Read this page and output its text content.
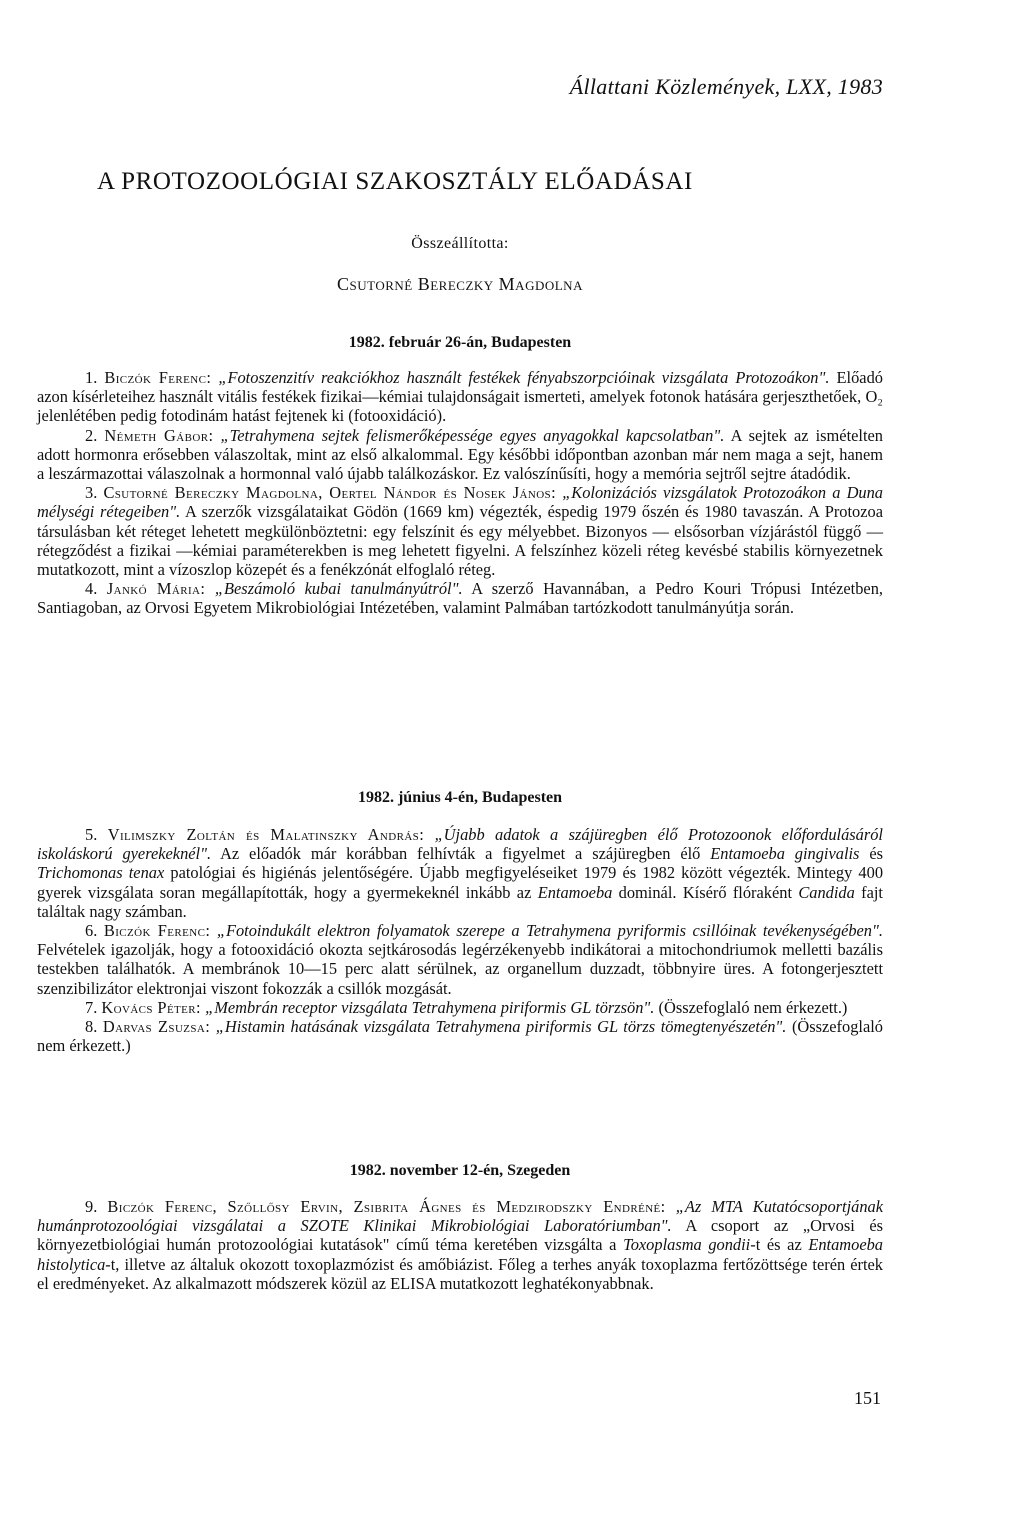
Állattani Közlemények, LXX, 1983
A PROTOZOOLÓGIAI SZAKOSZTÁLY ELŐADÁSAI
Összeállította:
Csutorné Bereczky Magdolna
1982. február 26-án, Budapesten

1. Biczók Ferenc: „Fotoszenzitív reakciókhoz használt festékek fényabszorpcióinak vizsgálata Protozoákon". Előadó azon kísérleteihez használt vitális festékek fizikai—kémiai tulajdonságait ismerteti, amelyek fotonok hatására gerjeszthetőek, O₂ jelenlétében pedig fotodinám hatást fejtenek ki (fotooxidáció).

2. Németh Gábor: „Tetrahymena sejtek felismerőképessége egyes anyagokkal kapcsolatban". A sejtek az ismételten adott hormonra erősebben válaszoltak, mint az első alkalommal. Egy későbbi időpontban azonban már nem maga a sejt, hanem a leszármazottai válaszolnak a hormonnal való újabb találkozáskor. Ez valószínűsíti, hogy a memória sejtről sejtre átadódik.

3. Csutorné Bereczky Magdolna, Oertel Nándor és Nosek János: „Kolonizációs vizsgálatok Protozoákon a Duna mélységi rétegeiben". A szerzők vizsgálataikat Gödön (1669 km) végezték, éspedig 1979 őszén és 1980 tavaszán. A Protozoa társulásban két réteget lehetett megkülönböztetni: egy felszínit és egy mélyebbet. Bizonyos — elsősorban vízjárástól függő — rétegződést a fizikai —kémiai paraméterekben is meg lehetett figyelni. A felszínhez közeli réteg kevésbé stabilis környezetnek mutatkozott, mint a vízoszlop közepét és a fenékzónát elfoglaló réteg.

4. Jankó Mária: „Beszámoló kubai tanulmányútról". A szerző Havannában, a Pedro Kouri Trópusi Intézetben, Santiagoban, az Orvosi Egyetem Mikrobiológiai Intézetében, valamint Palmában tartózkodott tanulmányútja során.

1982. június 4-én, Budapesten

5. Vilimszky Zoltán és Malatinszky András: „Újabb adatok a szájüregben élő Protozoonok előfordulásáról iskoláskorú gyerekeknél". Az előadók már korábban felhívták a figyelmet a szájüregben élő Entamoeba gingivalis és Trichomonas tenax patológiai és higiénás jelentőségére. Újabb megfigyeléseiket 1979 és 1982 között végezték. Mintegy 400 gyerek vizsgálata soran megállapították, hogy a gyermekeknél inkább az Entamoeba dominál. Kísérő flóraként Candida fajt találtak nagy számban.

6. Biczók Ferenc: „Fotoindukált elektron folyamatok szerepe a Tetrahymena pyriformis csillóinak tevékenységében". Felvételek igazolják, hogy a fotooxidáció okozta sejtkárosodás legérzékenyebb indikátorai a mitochondriumok melletti bazális testekben találhatók. A membránok 10—15 perc alatt sérülnek, az organellum duzzadt, többnyire üres. A fotongerjesztett szenzibilizátor elektronjai viszont fokozzák a csillók mozgását.

7. Kovács Péter: „Membrán receptor vizsgálata Tetrahymena piriformis GL törzsön". (Összefoglaló nem érkezett.)

8. Darvas Zsuzsa: „Histamin hatásának vizsgálata Tetrahymena piriformis GL törzs tömegtenyészetén". (Összefoglaló nem érkezett.)

1982. november 12-én, Szegeden

9. Biczók Ferenc, Szőllősy Ervin, Zsibrita Ágnes és Medzirodszky Endréné: „Az MTA Kutatócsoportjának humánprotozoológiai vizsgálatai a SZOTE Klinikai Mikrobiológiai Laboratóriumban". A csoport az „Orvosi és környezetbiológiai humán protozoológiai kutatások" című téma keretében vizsgálta a Toxoplasma gondii-t és az Entamoeba histolytica-t, illetve az általuk okozott toxoplazmózist és amőbiázist. Főleg a terhes anyák toxoplazma fertőzöttsége terén értek el eredményeket. Az alkalmazott módszerek közül az ELISA mutatkozott leghatékonyabbnak.

151
